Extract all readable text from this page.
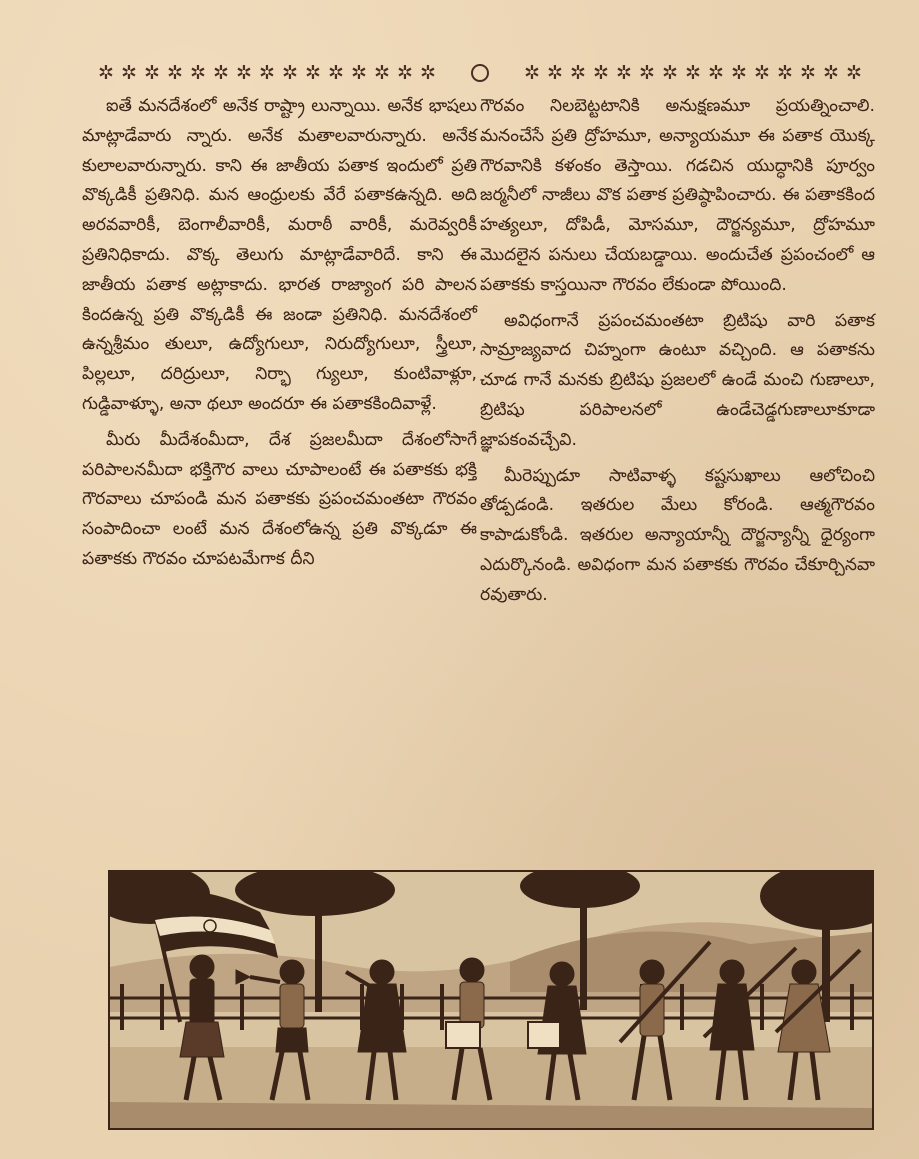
✲ ✲ ✲ ✲ ✲ ✲ ✲ ✲ ✲ ✲ ✲ ✲ ✲ ✲ ✲	✲ ✲ ✲ ✲ ✲ ✲ ✲ ✲ ✲ ✲ ✲ ✲ ✲ ✲ ✲

ఐతే మనదేశంలో అనేక రాష్ట్రా లున్నాయి. అనేక భాషలు మాట్లాడేవారు న్నారు. అనేక మతాలవారున్నారు. అనేక కులాలవారున్నారు. కాని ఈ జాతీయ పతాక ఇందులో ప్రతి వొక్కడికీ ప్రతినిధి. మన ఆంధ్రులకు వేరే పతాకఉన్నది. అది అరవవారికీ, బెంగాలీవారికీ, మరాఠీ వారికీ, మరెవ్వరికీ ప్రతినిధికాదు. వొక్క తెలుగు మాట్లాడేవారిదే. కాని ఈ జాతీయ పతాక అట్లాకాదు. భారత రాజ్యాంగ పరి పాలన కిందఉన్న ప్రతి వొక్కడికీ ఈ జండా ప్రతినిధి. మనదేశంలో ఉన్నశ్రీమం తులూ, ఉద్యోగులూ, నిరుద్యోగులూ, స్త్రీలూ, పిల్లలూ, దరిద్రులూ, నిర్భా గ్యులూ, కుంటివాళ్లూ, గుడ్డివాళ్ళూ, అనా థలూ అందరూ ఈ పతాకకిందివాళ్లే.

మీరు మీదేశంమీదా, దేశ ప్రజలమీదా దేశంలోసాగే పరిపాలనమీదా భక్తిగౌర వాలు చూపాలంటే ఈ పతాకకు భక్తి గౌరవాలు చూపండి మన పతాకకు ప్రపంచమంతటా గౌరవం సంపాదించా లంటే మన దేశంలోఉన్న ప్రతి వొక్కడూ ఈ పతాకకు గౌరవం చూపటమేగాక దీని

గౌరవం నిలబెట్టటానికి అనుక్షణమూ ప్రయత్నించాలి. మనంచేసే ప్రతి ద్రోహమూ, అన్యాయమూ ఈ పతాక యొక్క గౌరవానికి కళంకం తెస్తాయి. గడచిన యుద్ధానికి పూర్వం జర్మనీలో నాజీలు వొక పతాక ప్రతిష్ఠాపించారు. ఈ పతాకకింద హత్యలూ, దోపిడీ, మోసమూ, దౌర్జన్యమూ, ద్రోహమూ మొదలైన పనులు చేయబడ్డాయి. అందుచేత ప్రపంచంలో ఆ పతాకకు కాస్తయినా గౌరవం లేకుండా పోయింది.

అవిధంగానే ప్రపంచమంతటా బ్రిటిషు వారి పతాక సామ్రాజ్యవాద చిహ్నంగా ఉంటూ వచ్చింది. ఆ పతాకను చూడ గానే మనకు బ్రిటిషు ప్రజలలో ఉండే మంచి గుణాలూ, బ్రిటిషు పరిపాలనలో ఉండేచెడ్డగుణాలూకూడా జ్ఞాపకంవచ్చేవి.

మీరెప్పుడూ సాటివాళ్ళ కష్టసుఖాలు ఆలోచించి తోడ్పడండి. ఇతరుల మేలు కోరండి. ఆత్మగౌరవం కాపాడుకోండి. ఇతరుల అన్యాయాన్నీ దౌర్జన్యాన్నీ ధైర్యంగా ఎదుర్కొనండి. అవిధంగా మన పతాకకు గౌరవం చేకూర్చినవా రవుతారు.
